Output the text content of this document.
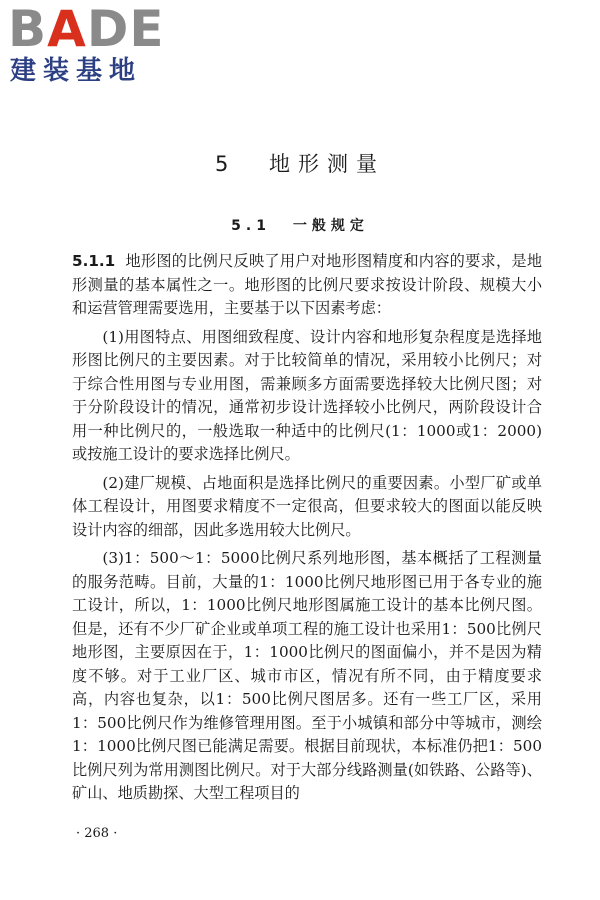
BADE
建装基地
5 地形测量
5.1 一般规定

5.1.1 地形图的比例尺反映了用户对地形图精度和内容的要求，是地形测量的基本属性之一。地形图的比例尺要求按设计阶段、规模大小和运营管理需要选用，主要基于以下因素考虑：

(1)用图特点、用图细致程度、设计内容和地形复杂程度是选择地形图比例尺的主要因素。对于比较简单的情况，采用较小比例尺；对于综合性用图与专业用图，需兼顾多方面需要选择较大比例尺图；对于分阶段设计的情况，通常初步设计选择较小比例尺，两阶段设计合用一种比例尺的，一般选取一种适中的比例尺(1：1000或1：2000)或按施工设计的要求选择比例尺。

(2)建厂规模、占地面积是选择比例尺的重要因素。小型厂矿或单体工程设计，用图要求精度不一定很高，但要求较大的图面以能反映设计内容的细部，因此多选用较大比例尺。

(3)1：500～1：5000比例尺系列地形图，基本概括了工程测量的服务范畴。目前，大量的1：1000比例尺地形图已用于各专业的施工设计，所以，1：1000比例尺地形图属施工设计的基本比例尺图。但是，还有不少厂矿企业或单项工程的施工设计也采用1：500比例尺地形图，主要原因在于，1：1000比例尺的图面偏小，并不是因为精度不够。对于工业厂区、城市市区，情况有所不同，由于精度要求高，内容也复杂，以1：500比例尺图居多。还有一些工厂区，采用1：500比例尺作为维修管理用图。至于小城镇和部分中等城市，测绘1：1000比例尺图已能满足需要。根据目前现状，本标准仍把1：500比例尺列为常用测图比例尺。对于大部分线路测量(如铁路、公路等)、矿山、地质勘探、大型工程项目的

· 268 ·
